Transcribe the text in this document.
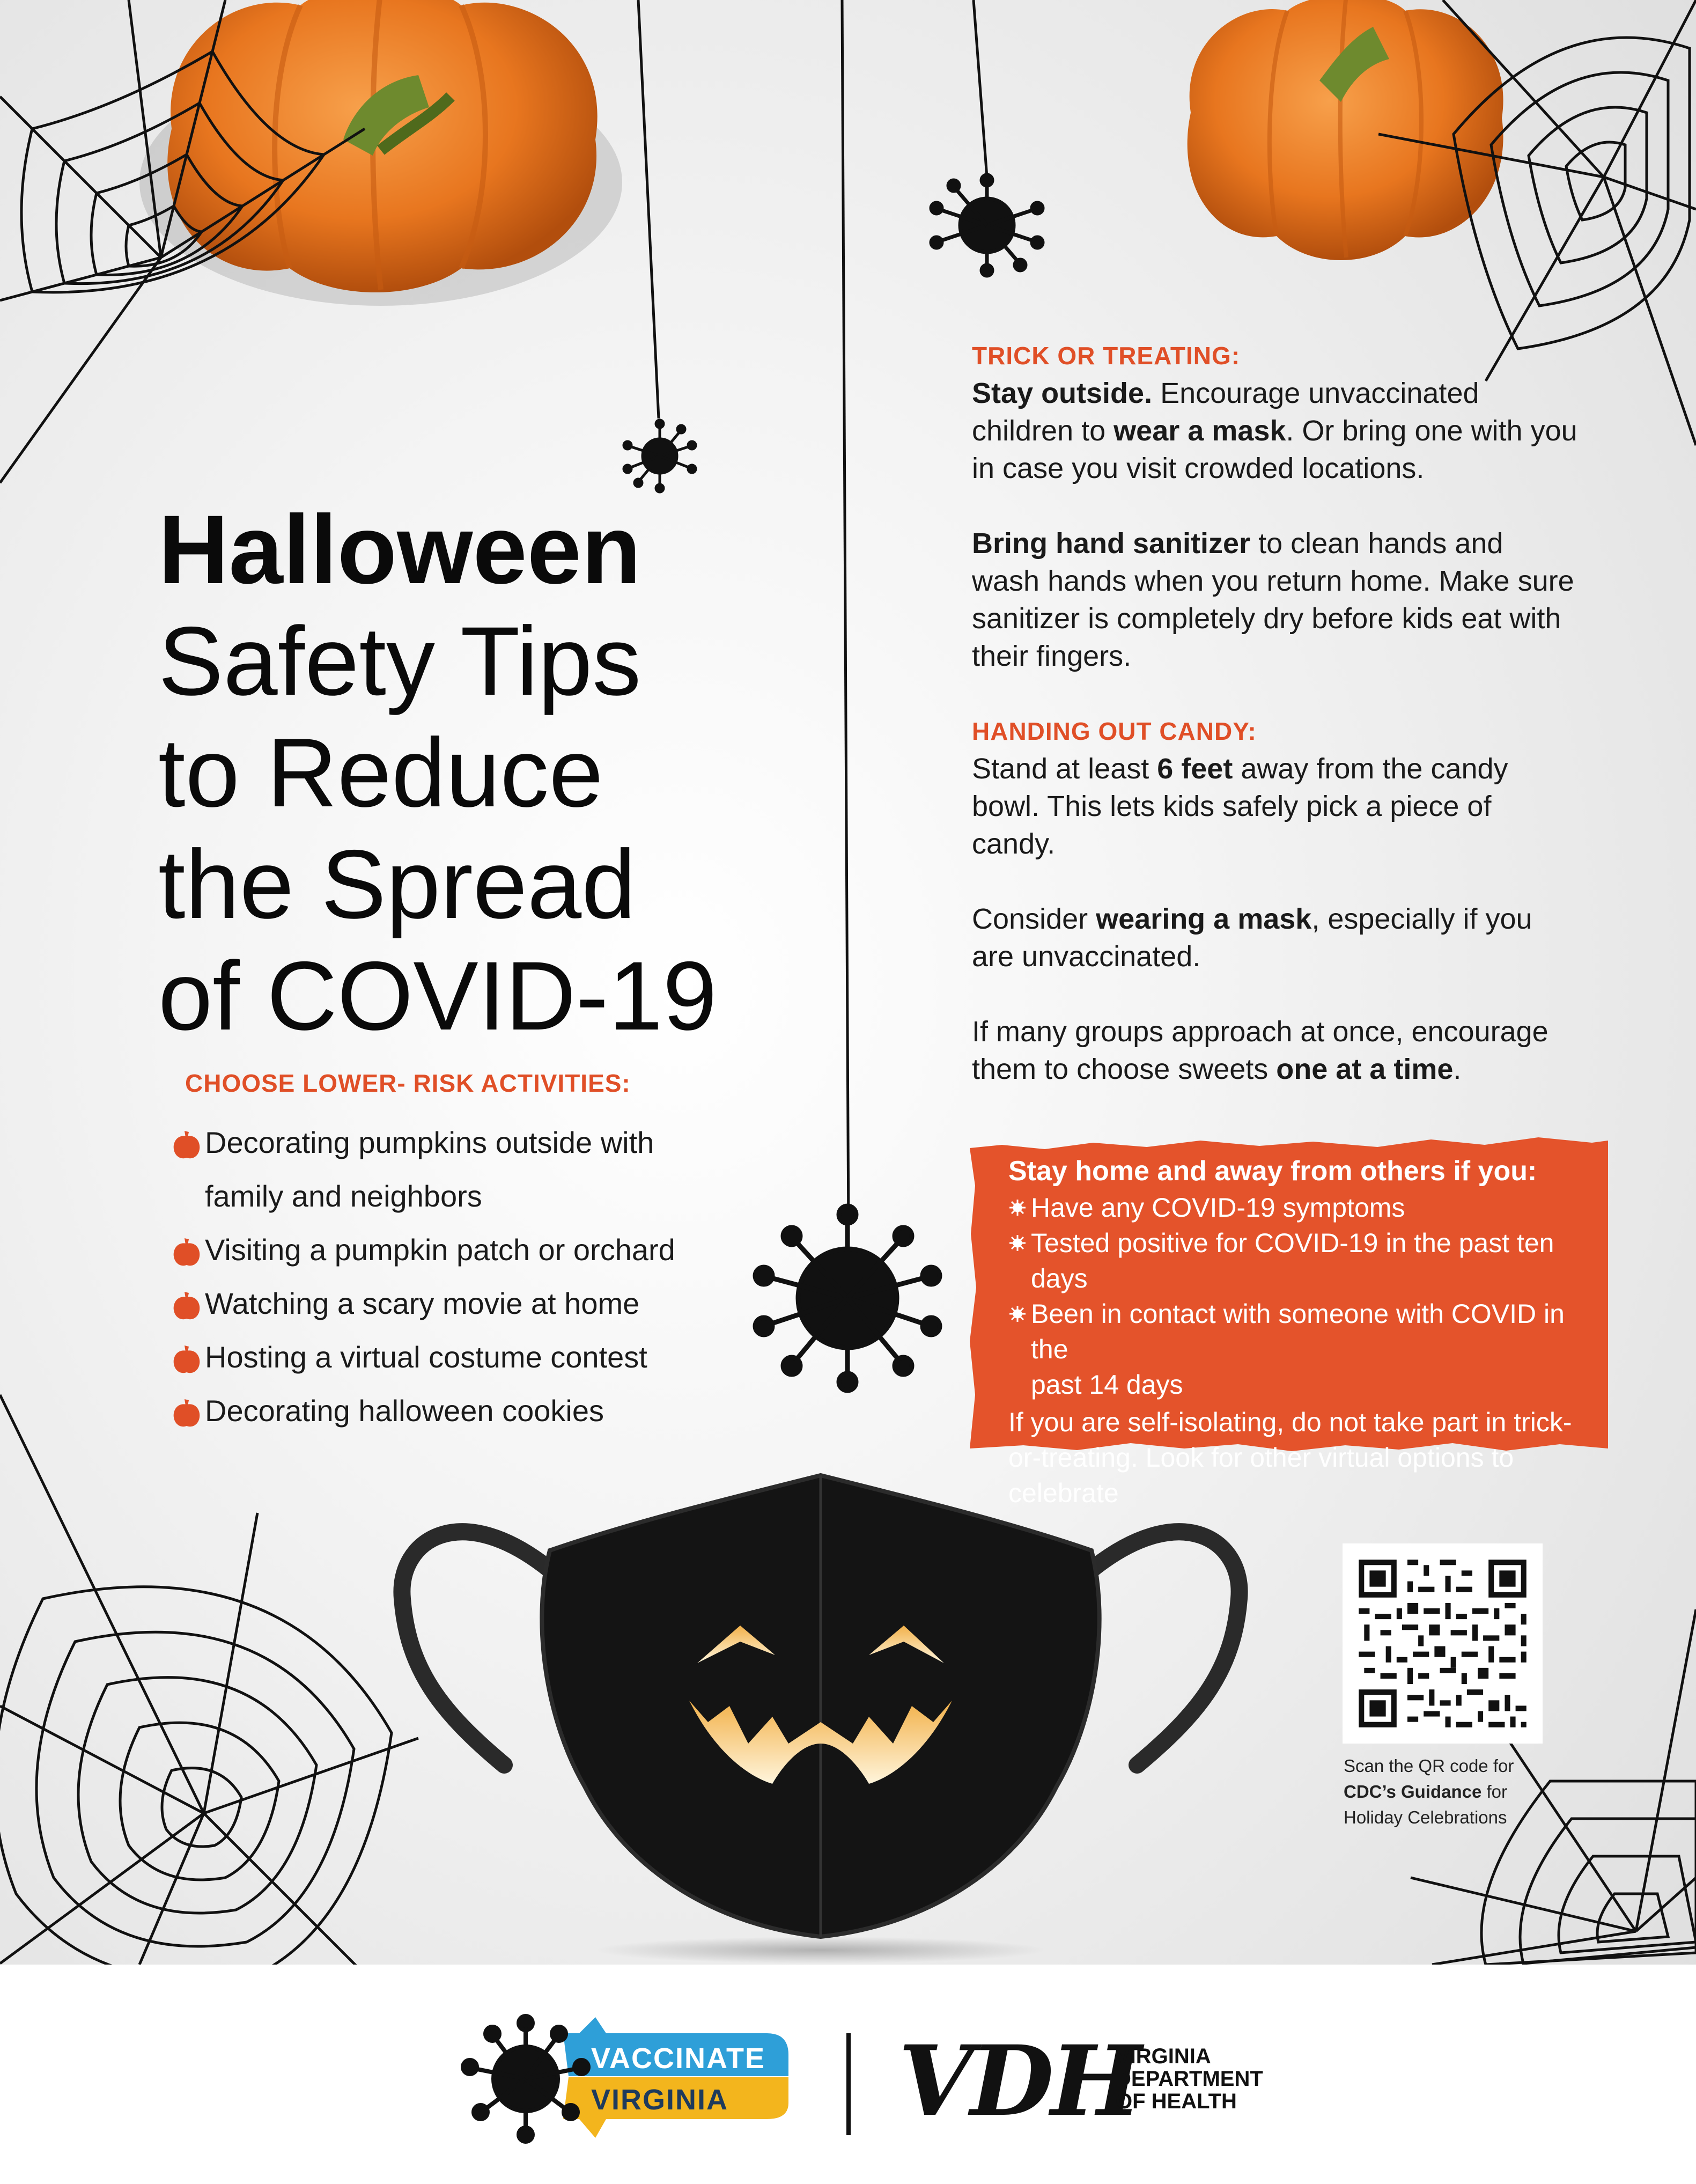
Halloween
Safety Tips
to Reduce
the Spread
of COVID-19
CHOOSE LOWER- RISK ACTIVITIES:
Decorating pumpkins outside with
family and neighbors
Visiting a pumpkin patch or orchard
Watching a scary movie at home
Hosting a virtual costume contest
Decorating halloween cookies

TRICK OR TREATING:

Stay outside. Encourage unvaccinated children to wear a mask. Or bring one with you in case you visit crowded locations.

Bring hand sanitizer to clean hands and wash hands when you return home. Make sure sanitizer is completely dry before kids eat with their fingers.

HANDING OUT CANDY:

Stand at least 6 feet away from the candy bowl. This lets kids safely pick a piece of candy.

Consider wearing a mask, especially if you are unvaccinated.

If many groups approach at once, encourage them to choose sweets one at a time.

Stay home and away from others if you:
Have any COVID-19 symptoms
Tested positive for COVID-19 in the past ten days
Been in contact with someone with COVID in the
past 14 days
If you are self-isolating, do not take part in trick-
or-treating. Look for other virtual options to
celebrate
Scan the QR code for
CDC’s Guidance for
Holiday Celebrations
VACCINATE
VIRGINIA VDH
VIRGINIA
DEPARTMENT
OF HEALTH
